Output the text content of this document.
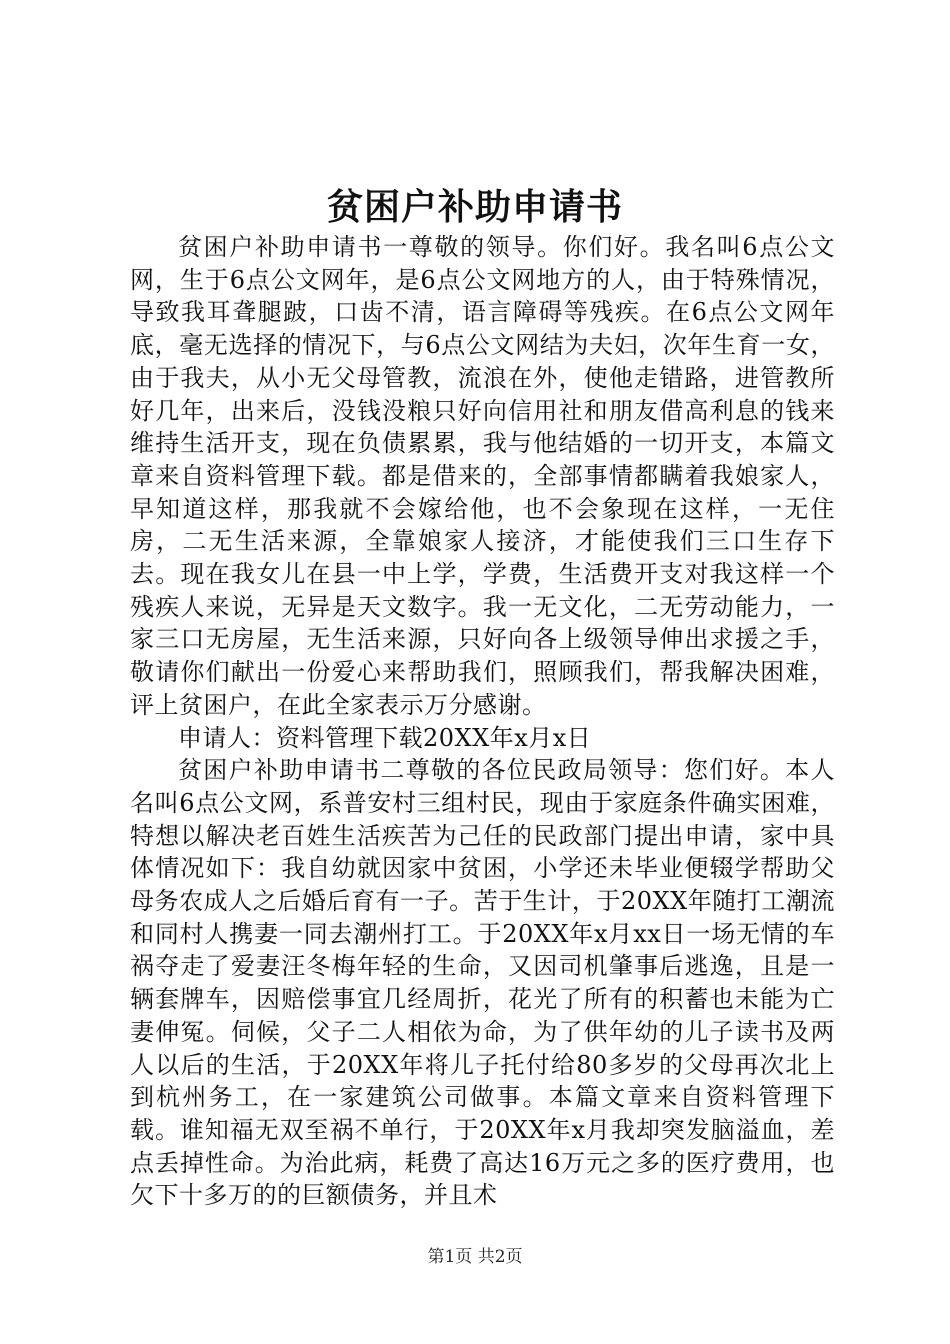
贫困户补助申请书

贫困户补助申请书一尊敬的领导。你们好。我名叫6点公文网，生于6点公文网年，是6点公文网地方的人，由于特殊情况，导致我耳聋腿跛，口齿不清，语言障碍等残疾。在6点公文网年底，毫无选择的情况下，与6点公文网结为夫妇，次年生育一女，由于我夫，从小无父母管教，流浪在外，使他走错路，进管教所好几年，出来后，没钱没粮只好向信用社和朋友借高利息的钱来维持生活开支，现在负债累累，我与他结婚的一切开支，本篇文章来自资料管理下载。都是借来的，全部事情都瞒着我娘家人，早知道这样，那我就不会嫁给他，也不会象现在这样，一无住房，二无生活来源，全靠娘家人接济，才能使我们三口生存下去。现在我女儿在县一中上学，学费，生活费开支对我这样一个残疾人来说，无异是天文数字。我一无文化，二无劳动能力，一家三口无房屋，无生活来源，只好向各上级领导伸出求援之手，敬请你们献出一份爱心来帮助我们，照顾我们，帮我解决困难，评上贫困户，在此全家表示万分感谢。

申请人：资料管理下载20XX年x月x日

贫困户补助申请书二尊敬的各位民政局领导：您们好。本人名叫6点公文网，系普安村三组村民，现由于家庭条件确实困难，特想以解决老百姓生活疾苦为己任的民政部门提出申请，家中具体情况如下：我自幼就因家中贫困，小学还未毕业便辍学帮助父母务农成人之后婚后育有一子。苦于生计，于20XX年随打工潮流和同村人携妻一同去潮州打工。于20XX年x月xx日一场无情的车祸夺走了爱妻汪冬梅年轻的生命，又因司机肇事后逃逸，且是一辆套牌车，因赔偿事宜几经周折，花光了所有的积蓄也未能为亡妻伸冤。伺候，父子二人相依为命，为了供年幼的儿子读书及两人以后的生活，于20XX年将儿子托付给80多岁的父母再次北上到杭州务工，在一家建筑公司做事。本篇文章来自资料管理下载。谁知福无双至祸不单行，于20XX年x月我却突发脑溢血，差点丢掉性命。为治此病，耗费了高达16万元之多的医疗费用，也欠下十多万的的巨额债务，并且术

第1页 共2页
